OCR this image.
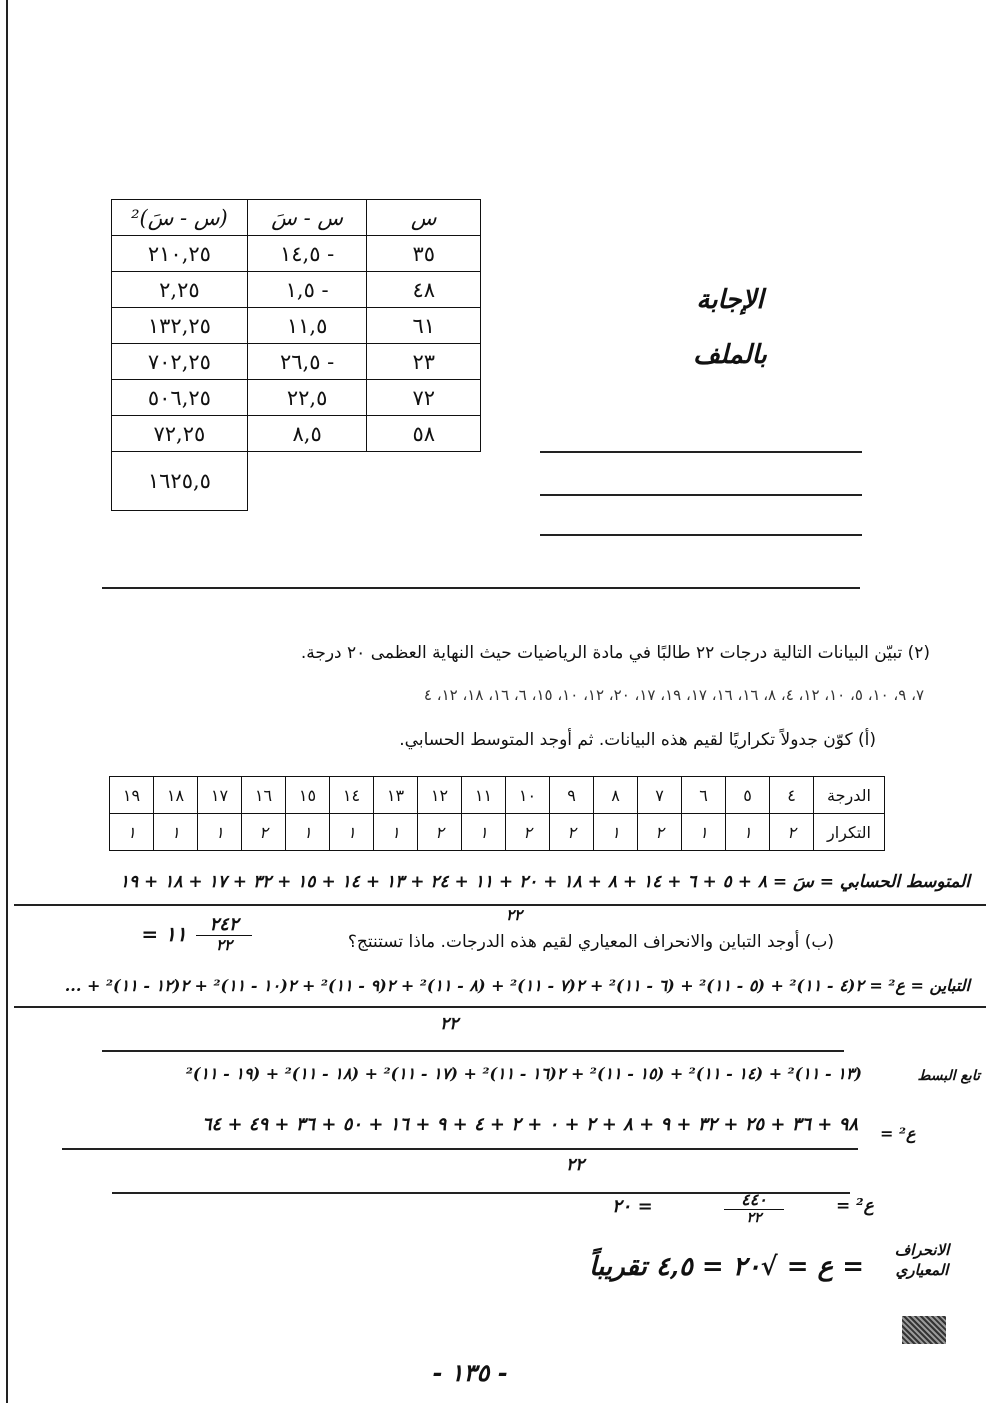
س	س - سَ	(س - سَ)²
٣٥	- ١٤,٥	٢١٠,٢٥
٤٨	- ١,٥	٢,٢٥
٦١	١١,٥	١٣٢,٢٥
٢٣	- ٢٦,٥	٧٠٢,٢٥
٧٢	٢٢,٥	٥٠٦,٢٥
٥٨	٨,٥	٧٢,٢٥
		١٦٢٥,٥
الإجابة
بالملف
(٢) تبيّن البيانات التالية درجات ٢٢ طالبًا في مادة الرياضيات حيث النهاية العظمى ٢٠ درجة.
٧، ٩، ١٠، ٥، ١٠، ١٢، ٤، ٨، ١٦، ١٦، ١٧، ١٩، ١٧، ٢٠، ١٢، ١٠، ١٥، ٦، ١٦، ١٨، ١٢، ٤
(أ) كوّن جدولاً تكراريًا لقيم هذه البيانات. ثم أوجد المتوسط الحسابي.
الدرجة	٤	٥	٦	٧	٨	٩	١٠	١١	١٢	١٣	١٤	١٥	١٦	١٧	١٨	١٩
التكرار	٢	١	١	٢	١	٢	٢	١	٢	١	١	١	٢	١	١	١
المتوسط الحسابي = سَ = ٨ + ٥ + ٦ + ١٤ + ٨ + ١٨ + ٢٠ + ١١ + ٢٤ + ١٣ + ١٤ + ١٥ + ٣٢ + ١٧ + ١٨ + ١٩
٢٢
(ب) أوجد التباين والانحراف المعياري لقيم هذه الدرجات. ماذا تستنتج؟
= ١١	٢٤٢
٢٢
التباين = ع² = ٢(٤ - ١١)² + (٥ - ١١)² + (٦ - ١١)² + ٢(٧ - ١١)² + (٨ - ١١)² + ٢(٩ - ١١)² + ٢(١٠ - ١١)² + ٢(١٢ - ١١)² + ...
٢٢
تابع البسط
(١٣ - ١١)² + (١٤ - ١١)² + (١٥ - ١١)² + ٢(١٦ - ١١)² + (١٧ - ١١)² + (١٨ - ١١)² + (١٩ - ١١)²
ع² =
٩٨ + ٣٦ + ٢٥ + ٣٢ + ٩ + ٨ + ٢ + ٠ + ٢ + ٤ + ٩ + ١٦ + ٥٠ + ٣٦ + ٤٩ + ٦٤
٢٢
ع² =
٤٤٠
٢٢
= ٢٠
الانحراف المعياري
= ع = √٢٠ = ٤,٥ تقريباً
- ١٣٥ -
